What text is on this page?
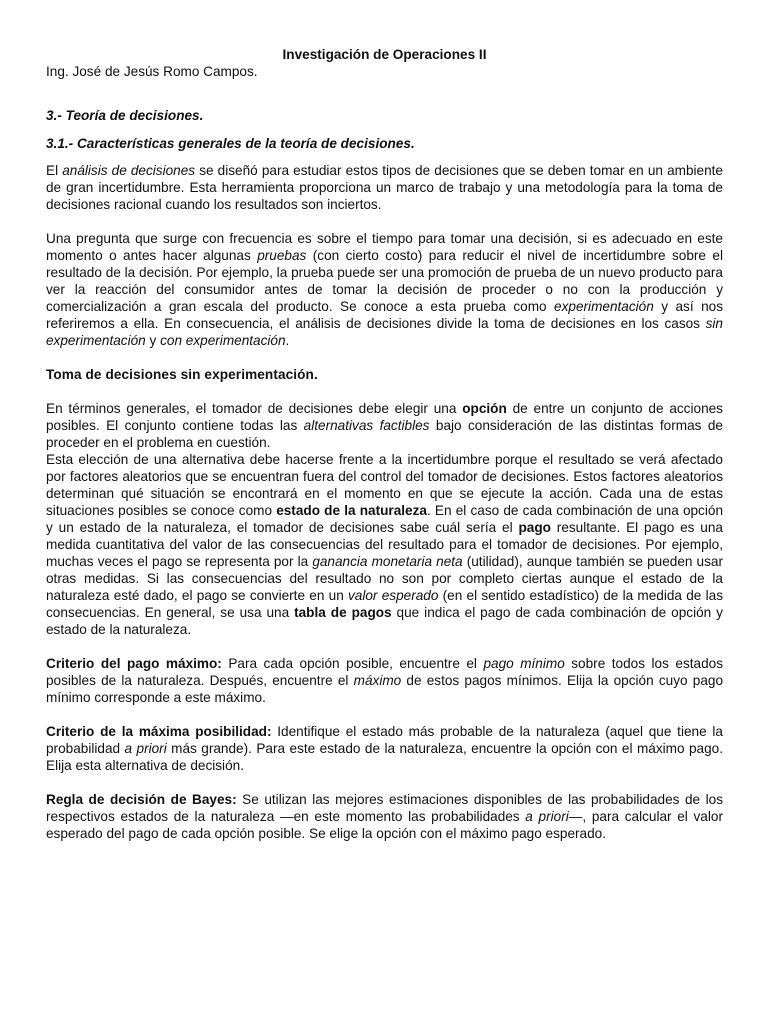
Investigación de Operaciones II
Ing. José de Jesús Romo Campos.
3.- Teoría de decisiones.
3.1.- Características generales de la teoría de decisiones.

El análisis de decisiones se diseñó para estudiar estos tipos de decisiones que se deben tomar en un ambiente de gran incertidumbre. Esta herramienta proporciona un marco de trabajo y una metodología para la toma de decisiones racional cuando los resultados son inciertos.

Una pregunta que surge con frecuencia es sobre el tiempo para tomar una decisión, si es adecuado en este momento o antes hacer algunas pruebas (con cierto costo) para reducir el nivel de incertidumbre sobre el resultado de la decisión. Por ejemplo, la prueba puede ser una promoción de prueba de un nuevo producto para ver la reacción del consumidor antes de tomar la decisión de proceder o no con la producción y comercialización a gran escala del producto. Se conoce a esta prueba como experimentación y así nos referiremos a ella. En consecuencia, el análisis de decisiones divide la toma de decisiones en los casos sin experimentación y con experimentación.

Toma de decisiones sin experimentación.

En términos generales, el tomador de decisiones debe elegir una opción de entre un conjunto de acciones posibles. El conjunto contiene todas las alternativas factibles bajo consideración de las distintas formas de proceder en el problema en cuestión.

Esta elección de una alternativa debe hacerse frente a la incertidumbre porque el resultado se verá afectado por factores aleatorios que se encuentran fuera del control del tomador de decisiones. Estos factores aleatorios determinan qué situación se encontrará en el momento en que se ejecute la acción. Cada una de estas situaciones posibles se conoce como estado de la naturaleza. En el caso de cada combinación de una opción y un estado de la naturaleza, el tomador de decisiones sabe cuál sería el pago resultante. El pago es una medida cuantitativa del valor de las consecuencias del resultado para el tomador de decisiones. Por ejemplo, muchas veces el pago se representa por la ganancia monetaria neta (utilidad), aunque también se pueden usar otras medidas. Si las consecuencias del resultado no son por completo ciertas aunque el estado de la naturaleza esté dado, el pago se convierte en un valor esperado (en el sentido estadístico) de la medida de las consecuencias. En general, se usa una tabla de pagos que indica el pago de cada combinación de opción y estado de la naturaleza.

Criterio del pago máximo: Para cada opción posible, encuentre el pago mínimo sobre todos los estados posibles de la naturaleza. Después, encuentre el máximo de estos pagos mínimos. Elija la opción cuyo pago mínimo corresponde a este máximo.

Criterio de la máxima posibilidad: Identifique el estado más probable de la naturaleza (aquel que tiene la probabilidad a priori más grande). Para este estado de la naturaleza, encuentre la opción con el máximo pago. Elija esta alternativa de decisión.

Regla de decisión de Bayes: Se utilizan las mejores estimaciones disponibles de las probabilidades de los respectivos estados de la naturaleza —en este momento las probabilidades a priori—, para calcular el valor esperado del pago de cada opción posible. Se elige la opción con el máximo pago esperado.
